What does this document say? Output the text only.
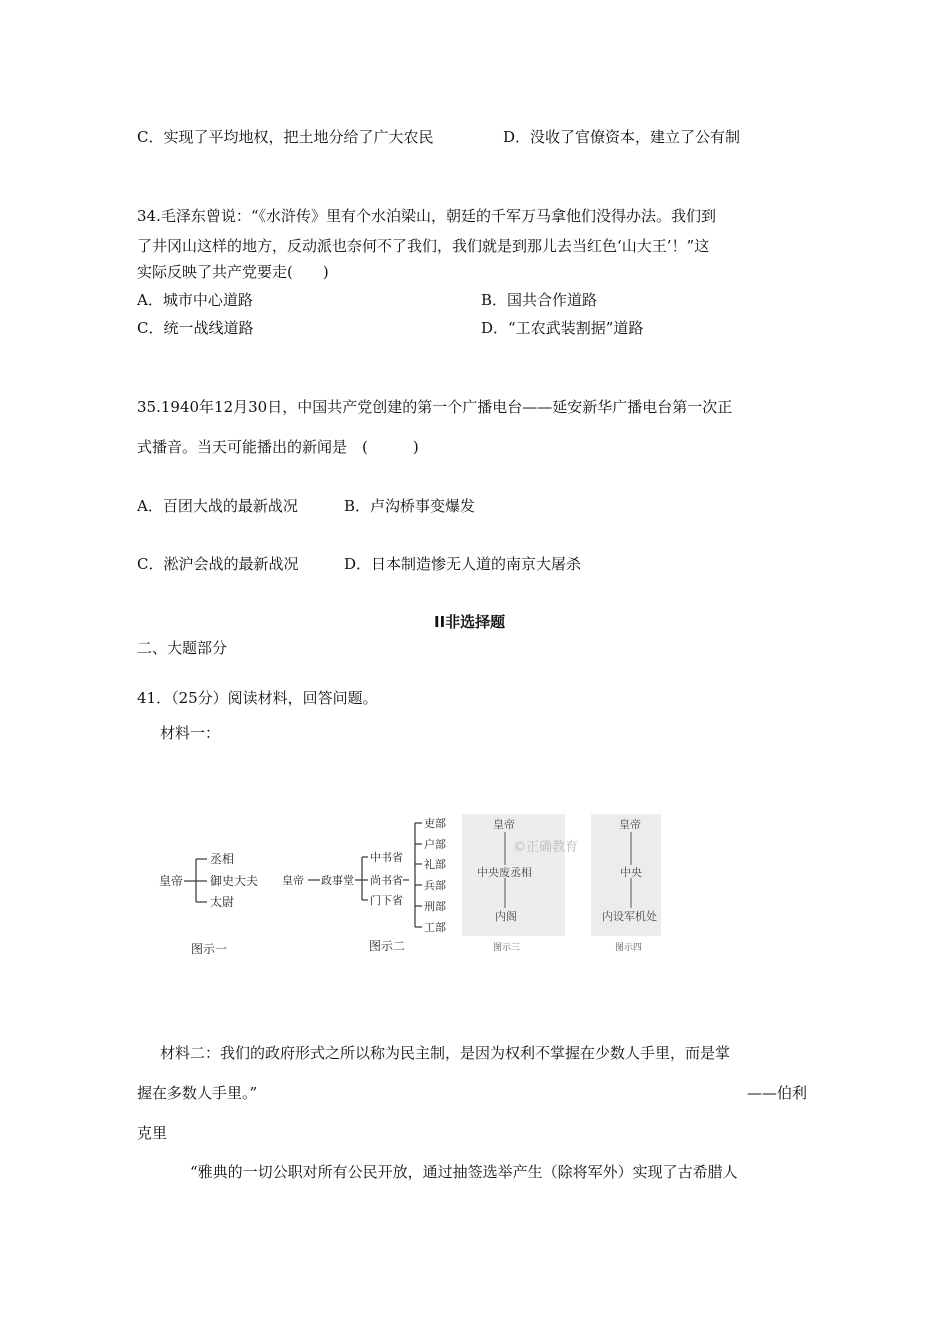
C．实现了平均地权，把土地分给了广大农民	D．没收了官僚资本，建立了公有制
34.毛泽东曾说：“《水浒传》里有个水泊梁山，朝廷的千军万马拿他们没得办法。我们到
了井冈山这样的地方，反动派也奈何不了我们，我们就是到那儿去当红色‘山大王’！”这
实际反映了共产党要走(　　)
A．城市中心道路	B．国共合作道路
C．统一战线道路	D．“工农武装割据”道路
35.1940年12月30日，中国共产党创建的第一个广播电台——延安新华广播电台第一次正
式播音。当天可能播出的新闻是　(　　　)
A．百团大战的最新战况	B．卢沟桥事变爆发
C．淞沪会战的最新战况	D．日本制造惨无人道的南京大屠杀
II非选择题
二、大题部分
41．（25分）阅读材料，回答问题。
材料一：
皇帝
丞相
御史大夫
太尉
图示一
皇帝 政事堂
中书省
尚书省
门下省
吏部
户部
礼部
兵部
刑部
工部
图示二
皇帝
中央废丞相
内阁
图示三
©正确教育
皇帝
中央
内设军机处
图示四
材料二：我们的政府形式之所以称为民主制，是因为权利不掌握在少数人手里，而是掌
握在多数人手里。”	——伯利
克里
“雅典的一切公职对所有公民开放，通过抽签选举产生（除将军外）实现了古希腊人
